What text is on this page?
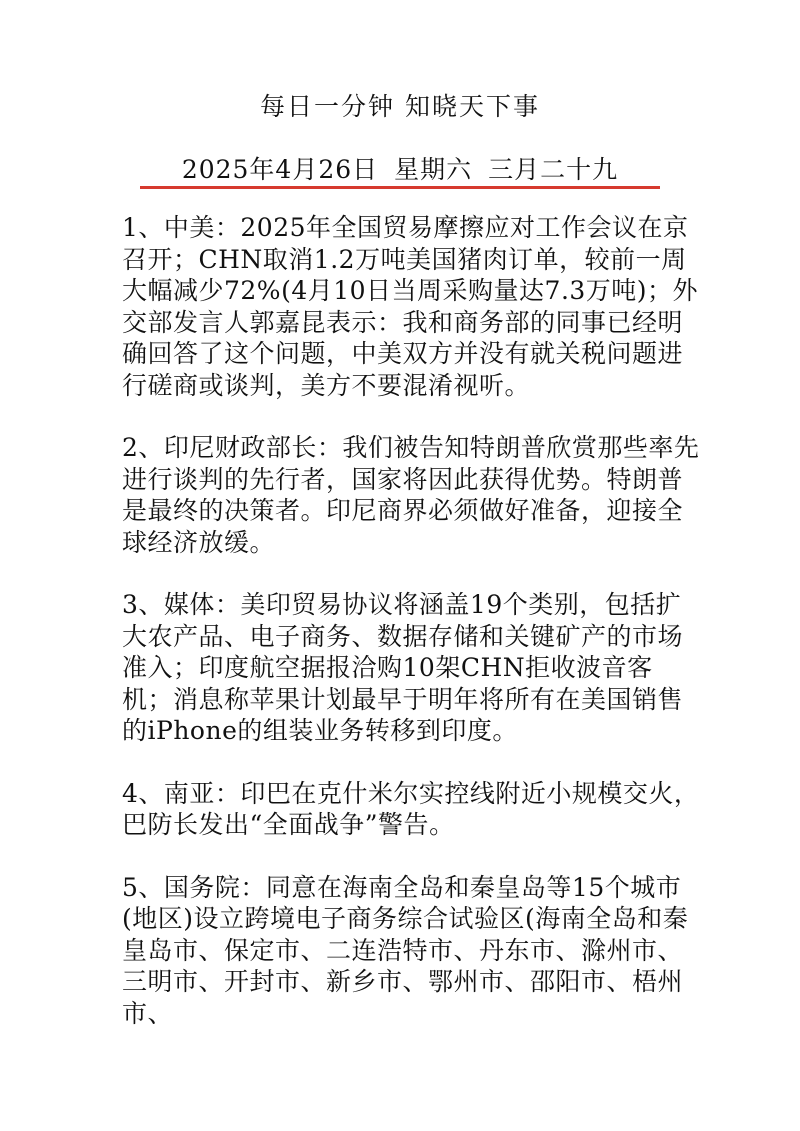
每日一分钟 知晓天下事
2025年4月26日 星期六 三月二十九

1、中美：2025年全国贸易摩擦应对工作会议在京召开；CHN取消1.2万吨美国猪肉订单，较前一周大幅减少72%(4月10日当周采购量达7.3万吨)；外交部发言人郭嘉昆表示：我和商务部的同事已经明确回答了这个问题，中美双方并没有就关税问题进行磋商或谈判，美方不要混淆视听。

2、印尼财政部长：我们被告知特朗普欣赏那些率先进行谈判的先行者，国家将因此获得优势。特朗普是最终的决策者。印尼商界必须做好准备，迎接全球经济放缓。

3、媒体：美印贸易协议将涵盖19个类别，包括扩大农产品、电子商务、数据存储和关键矿产的市场准入；印度航空据报洽购10架CHN拒收波音客机；消息称苹果计划最早于明年将所有在美国销售的iPhone的组装业务转移到印度。

4、南亚：印巴在克什米尔实控线附近小规模交火，巴防长发出“全面战争”警告。

5、国务院：同意在海南全岛和秦皇岛等15个城市(地区)设立跨境电子商务综合试验区(海南全岛和秦皇岛市、保定市、二连浩特市、丹东市、滁州市、三明市、开封市、新乡市、鄂州市、邵阳市、梧州市、
